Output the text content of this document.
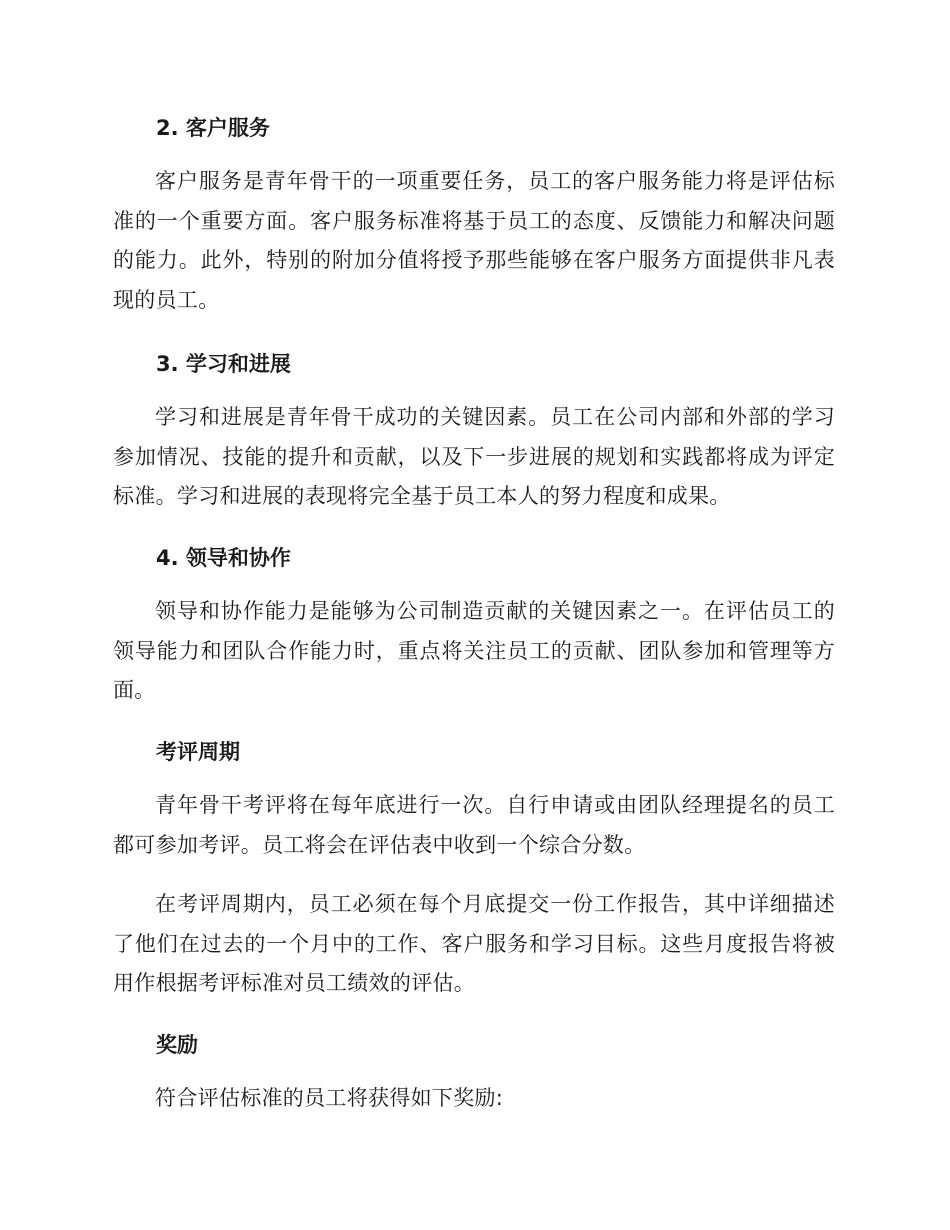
2. 客户服务

客户服务是青年骨干的一项重要任务，员工的客户服务能力将是评估标准的一个重要方面。客户服务标准将基于员工的态度、反馈能力和解决问题的能力。此外，特别的附加分值将授予那些能够在客户服务方面提供非凡表现的员工。

3. 学习和进展

学习和进展是青年骨干成功的关键因素。员工在公司内部和外部的学习参加情况、技能的提升和贡献，以及下一步进展的规划和实践都将成为评定标准。学习和进展的表现将完全基于员工本人的努力程度和成果。

4. 领导和协作

领导和协作能力是能够为公司制造贡献的关键因素之一。在评估员工的领导能力和团队合作能力时，重点将关注员工的贡献、团队参加和管理等方面。

考评周期

青年骨干考评将在每年底进行一次。自行申请或由团队经理提名的员工都可参加考评。员工将会在评估表中收到一个综合分数。

在考评周期内，员工必须在每个月底提交一份工作报告，其中详细描述了他们在过去的一个月中的工作、客户服务和学习目标。这些月度报告将被用作根据考评标准对员工绩效的评估。

奖励

符合评估标准的员工将获得如下奖励:
